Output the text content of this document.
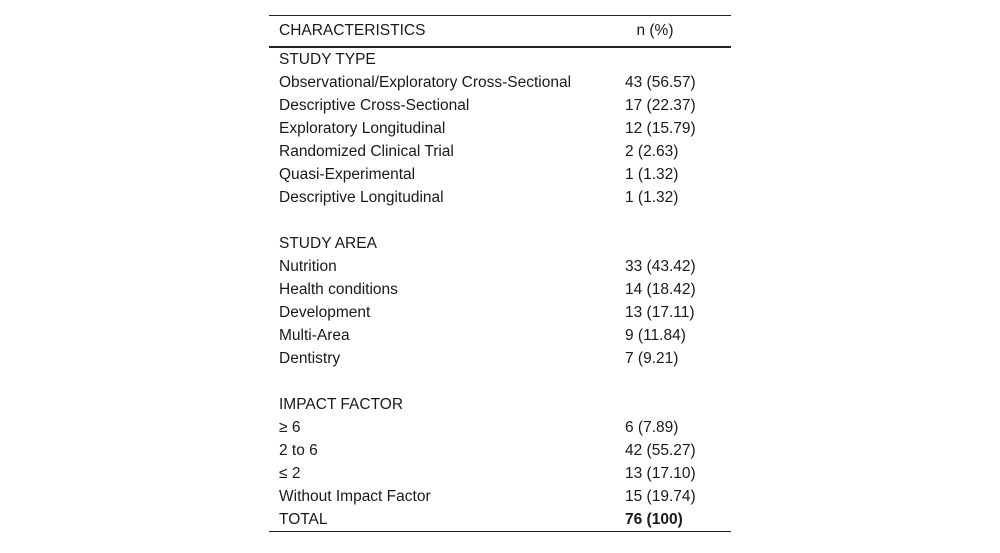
CHARACTERISTICS	n (%)
STUDY TYPE	
Observational/Exploratory Cross-Sectional	43 (56.57)
Descriptive Cross-Sectional	17 (22.37)
Exploratory Longitudinal	12 (15.79)
Randomized Clinical Trial	2 (2.63)
Quasi-Experimental	1 (1.32)
Descriptive Longitudinal	1 (1.32)

STUDY AREA	
Nutrition	33 (43.42)
Health conditions	14 (18.42)
Development	13 (17.11)
Multi-Area	9 (11.84)
Dentistry	7 (9.21)

IMPACT FACTOR	
≥ 6	6 (7.89)
2 to 6	42 (55.27)
≤ 2	13 (17.10)
Without Impact Factor	15 (19.74)
TOTAL	76 (100)
